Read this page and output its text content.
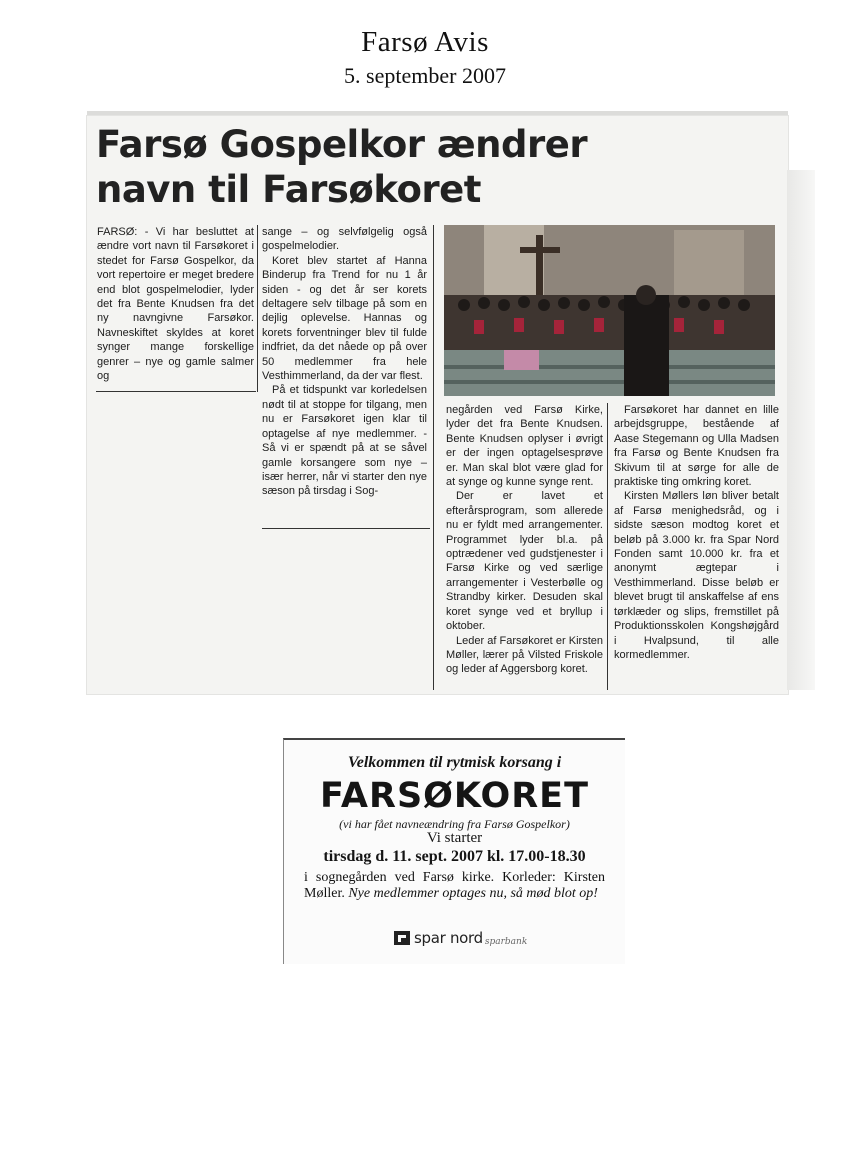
Farsø Avis
5. september 2007
Farsø Gospelkor ændrer
navn til Farsøkoret

FARSØ: - Vi har besluttet at ændre vort navn til Farsøkoret i stedet for Farsø Gospelkor, da vort repertoire er meget bredere end blot gospelmelodier, lyder det fra Bente Knudsen fra det ny navngivne Farsøkor. Navneskiftet skyldes at koret synger mange forskellige genrer – nye og gamle salmer og

sange – og selvfølgelig også gospelmelodier.

Koret blev startet af Hanna Binderup fra Trend for nu 1 år siden - og det år ser korets deltagere selv tilbage på som en dejlig oplevelse. Hannas og korets forventninger blev til fulde indfriet, da det nåede op på over 50 medlemmer fra hele Vesthimmerland, da der var flest.

På et tidspunkt var korledelsen nødt til at stoppe for tilgang, men nu er Farsøkoret igen klar til optagelse af nye medlemmer. - Så vi er spændt på at se såvel gamle korsangere som nye – især herrer, når vi starter den nye sæson på tirsdag i Sog-

negården ved Farsø Kirke, lyder det fra Bente Knudsen. Bente Knudsen oplyser i øvrigt er der ingen optagelsesprøve er. Man skal blot være glad for at synge og kunne synge rent.

Der er lavet et efterårsprogram, som allerede nu er fyldt med arrangementer. Programmet lyder bl.a. på optrædener ved gudstjenester i Farsø Kirke og ved særlige arrangementer i Vesterbølle og Strandby kirker. Desuden skal koret synge ved et bryllup i oktober.

Leder af Farsøkoret er Kirsten Møller, lærer på Vilsted Friskole og leder af Aggersborg koret.

Farsøkoret har dannet en lille arbejdsgruppe, bestående af Aase Stegemann og Ulla Madsen fra Farsø og Bente Knudsen fra Skivum til at sørge for alle de praktiske ting omkring koret.

Kirsten Møllers løn bliver betalt af Farsø menighedsråd, og i sidste sæson modtog koret et beløb på 3.000 kr. fra Spar Nord Fonden samt 10.000 kr. fra et anonymt ægtepar i Vesthimmerland. Disse beløb er blevet brugt til anskaffelse af ens tørklæder og slips, fremstillet på Produktionsskolen Kongshøjgård i Hvalpsund, til alle kormedlemmer.

Velkommen til rytmisk korsang i
FARSØKORET
(vi har fået navneændring fra Farsø Gospelkor)
Vi starter
tirsdag d. 11. sept. 2007 kl. 17.00-18.30
i sognegården ved Farsø kirke. Korleder: Kirsten Møller. Nye medlemmer optages nu, så mød blot op!
spar nord sparbank
